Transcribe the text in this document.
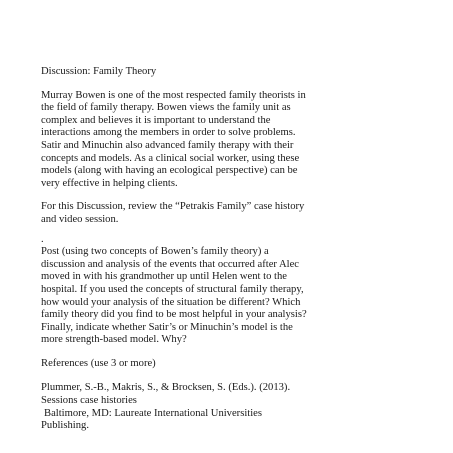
Discussion: Family Theory

Murray Bowen is one of the most respected family theorists in
the field of family therapy. Bowen views the family unit as
complex and believes it is important to understand the
interactions among the members in order to solve problems.
Satir and Minuchin also advanced family therapy with their
concepts and models. As a clinical social worker, using these
models (along with having an ecological perspective) can be
very effective in helping clients.

For this Discussion, review the “Petrakis Family” case history
and video session.

.

Post (using two concepts of Bowen’s family theory) a
discussion and analysis of the events that occurred after Alec
moved in with his grandmother up until Helen went to the
hospital. If you used the concepts of structural family therapy,
how would your analysis of the situation be different? Which
family theory did you find to be most helpful in your analysis?
Finally, indicate whether Satir’s or Minuchin’s model is the
more strength-based model. Why?

References (use 3 or more)

Plummer, S.-B., Makris, S., & Brocksen, S. (Eds.). (2013).
Sessions case histories
Baltimore, MD: Laureate International Universities
Publishing.
